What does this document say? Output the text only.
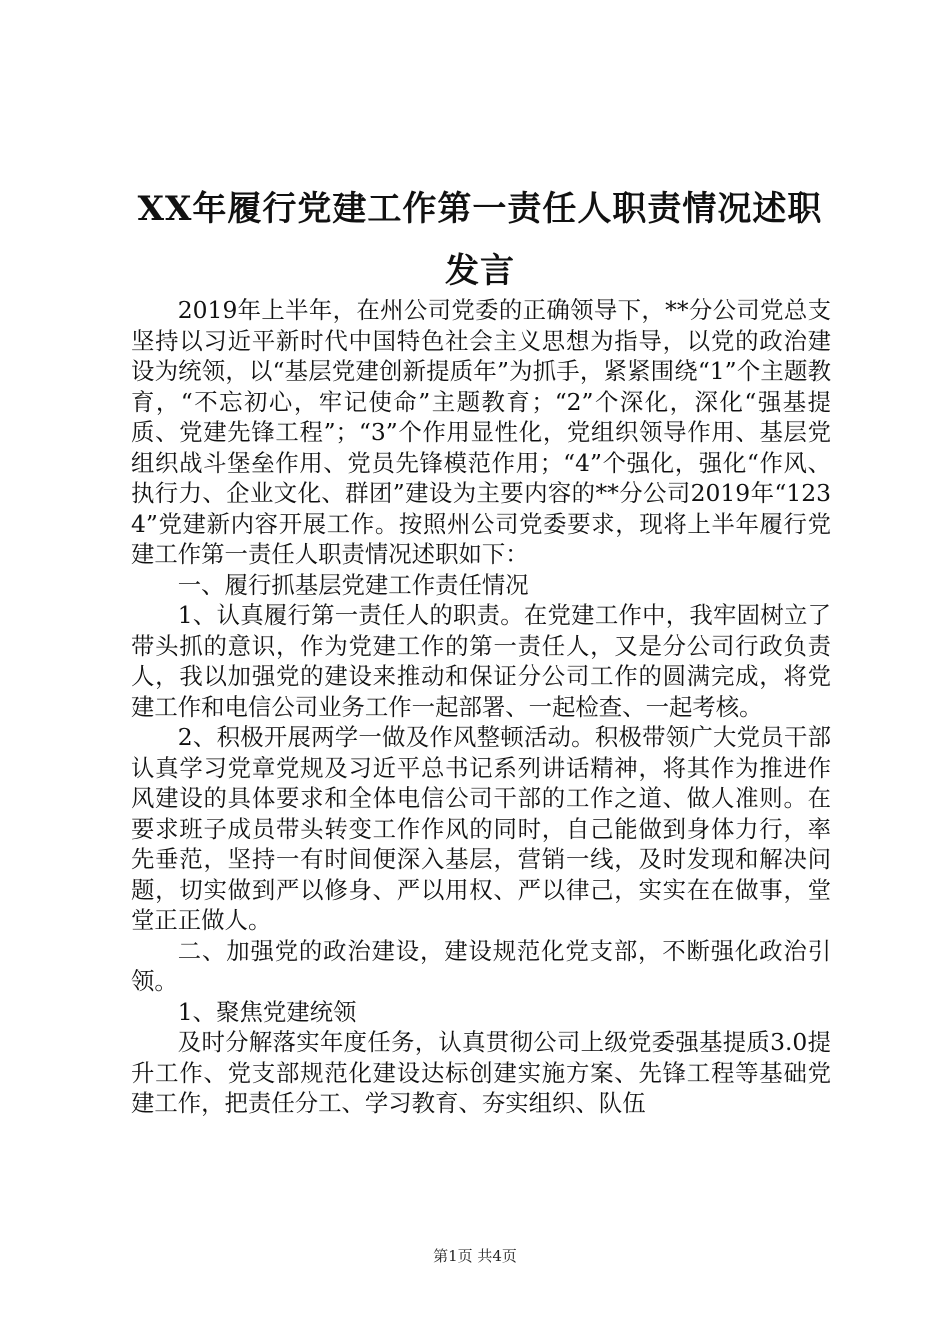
XX年履行党建工作第一责任人职责情况述职
发言

2019年上半年，在州公司党委的正确领导下，**分公司党总支坚持以习近平新时代中国特色社会主义思想为指导，以党的政治建设为统领，以“基层党建创新提质年”为抓手，紧紧围绕“1”个主题教育，“不忘初心，牢记使命”主题教育；“2”个深化，深化“强基提质、党建先锋工程”；“3”个作用显性化，党组织领导作用、基层党组织战斗堡垒作用、党员先锋模范作用；“4”个强化，强化“作风、执行力、企业文化、群团”建设为主要内容的**分公司2019年“1234”党建新内容开展工作。按照州公司党委要求，现将上半年履行党建工作第一责任人职责情况述职如下：

一、履行抓基层党建工作责任情况

1、认真履行第一责任人的职责。在党建工作中，我牢固树立了带头抓的意识，作为党建工作的第一责任人，又是分公司行政负责人，我以加强党的建设来推动和保证分公司工作的圆满完成，将党建工作和电信公司业务工作一起部署、一起检查、一起考核。

2、积极开展两学一做及作风整顿活动。积极带领广大党员干部认真学习党章党规及习近平总书记系列讲话精神，将其作为推进作风建设的具体要求和全体电信公司干部的工作之道、做人准则。在要求班子成员带头转变工作作风的同时，自己能做到身体力行，率先垂范，坚持一有时间便深入基层，营销一线，及时发现和解决问题，切实做到严以修身、严以用权、严以律己，实实在在做事，堂堂正正做人。

二、加强党的政治建设，建设规范化党支部，不断强化政治引领。

1、聚焦党建统领

及时分解落实年度任务，认真贯彻公司上级党委强基提质3.0提升工作、党支部规范化建设达标创建实施方案、先锋工程等基础党建工作，把责任分工、学习教育、夯实组织、队伍

第1页 共4页
